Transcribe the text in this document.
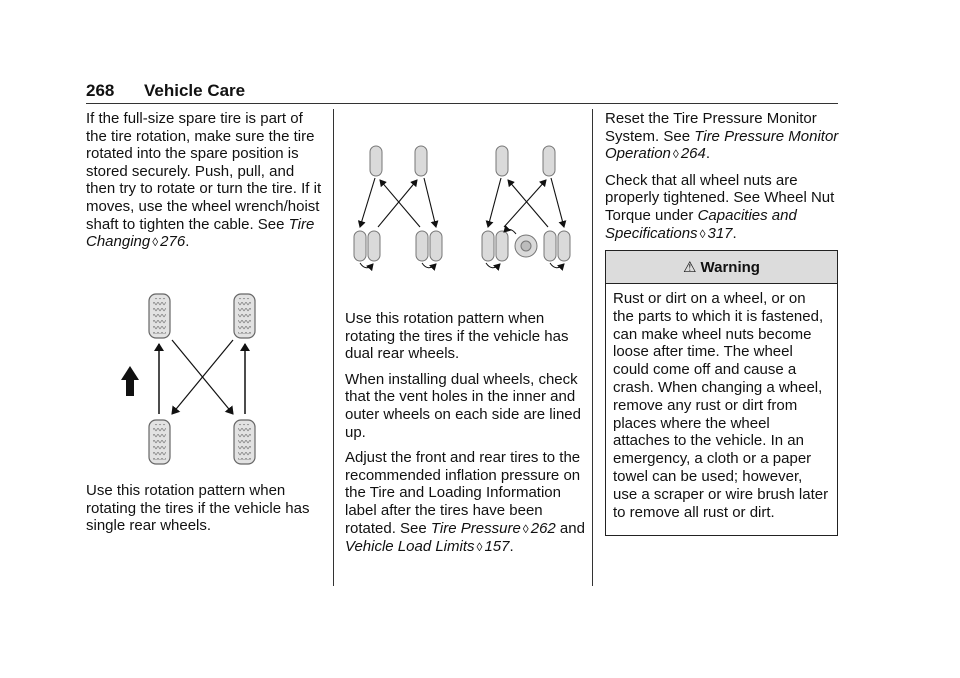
268 Vehicle Care

If the full-size spare tire is part of the tire rotation, make sure the tire rotated into the spare position is stored securely. Push, pull, and then try to rotate or turn the tire. If it moves, use the wheel wrench/hoist shaft to tighten the cable. See Tire Changing ◊ 276.

Use this rotation pattern when rotating the tires if the vehicle has single rear wheels.

Use this rotation pattern when rotating the tires if the vehicle has dual rear wheels.

When installing dual wheels, check that the vent holes in the inner and outer wheels on each side are lined up.

Adjust the front and rear tires to the recommended inflation pressure on the Tire and Loading Information label after the tires have been rotated. See Tire Pressure ◊ 262 and Vehicle Load Limits ◊ 157.

Reset the Tire Pressure Monitor System. See Tire Pressure Monitor Operation ◊ 264.

Check that all wheel nuts are properly tightened. See Wheel Nut Torque under Capacities and Specifications ◊ 317.

⚠ Warning
Rust or dirt on a wheel, or on the parts to which it is fastened, can make wheel nuts become loose after time. The wheel could come off and cause a crash. When changing a wheel, remove any rust or dirt from places where the wheel attaches to the vehicle. In an emergency, a cloth or a paper towel can be used; however, use a scraper or wire brush later to remove all rust or dirt.
